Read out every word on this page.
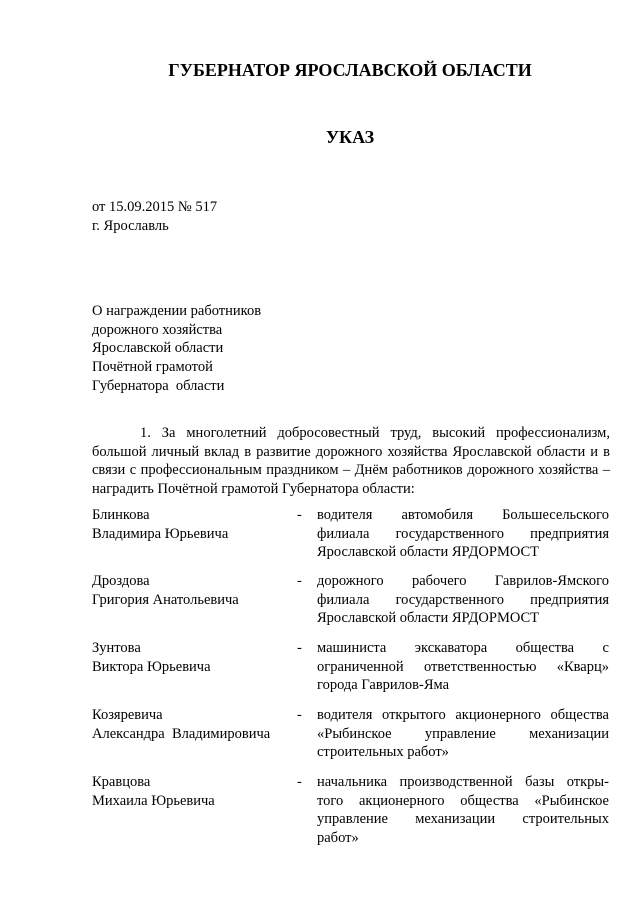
ГУБЕРНАТОР ЯРОСЛАВСКОЙ ОБЛАСТИ
УКАЗ
от 15.09.2015 № 517
г. Ярославль
О награждении работников
дорожного хозяйства
Ярославской области
Почётной грамотой
Губернатора  области

1. За многолетний добросовестный труд, высокий профессионализм, большой личный вклад в развитие дорожного хозяйства Ярославской области и в связи с профессиональным праздником – Днём работников дорожного хозяйства – наградить Почётной грамотой Губернатора области:

Блинкова
Владимира Юрьевича
- водителя автомобиля Большесельского
филиала государственного предприятия
Ярославской области ЯРДОРМОСТ
Дроздова
Григория Анатольевича
- дорожного рабочего Гаврилов-Ямского
филиала государственного предприятия
Ярославской области ЯРДОРМОСТ
Зунтова
Виктора Юрьевича
- машиниста экскаватора общества с
ограниченной ответственностью «Кварц»
города Гаврилов-Яма
Козяревича
Александра  Владимировича
- водителя открытого акционерного общества
«Рыбинское управление механизации
строительных работ»
Кравцова
Михаила Юрьевича
- начальника производственной базы откры-
того акционерного общества «Рыбинское
управление механизации строительных
работ»
